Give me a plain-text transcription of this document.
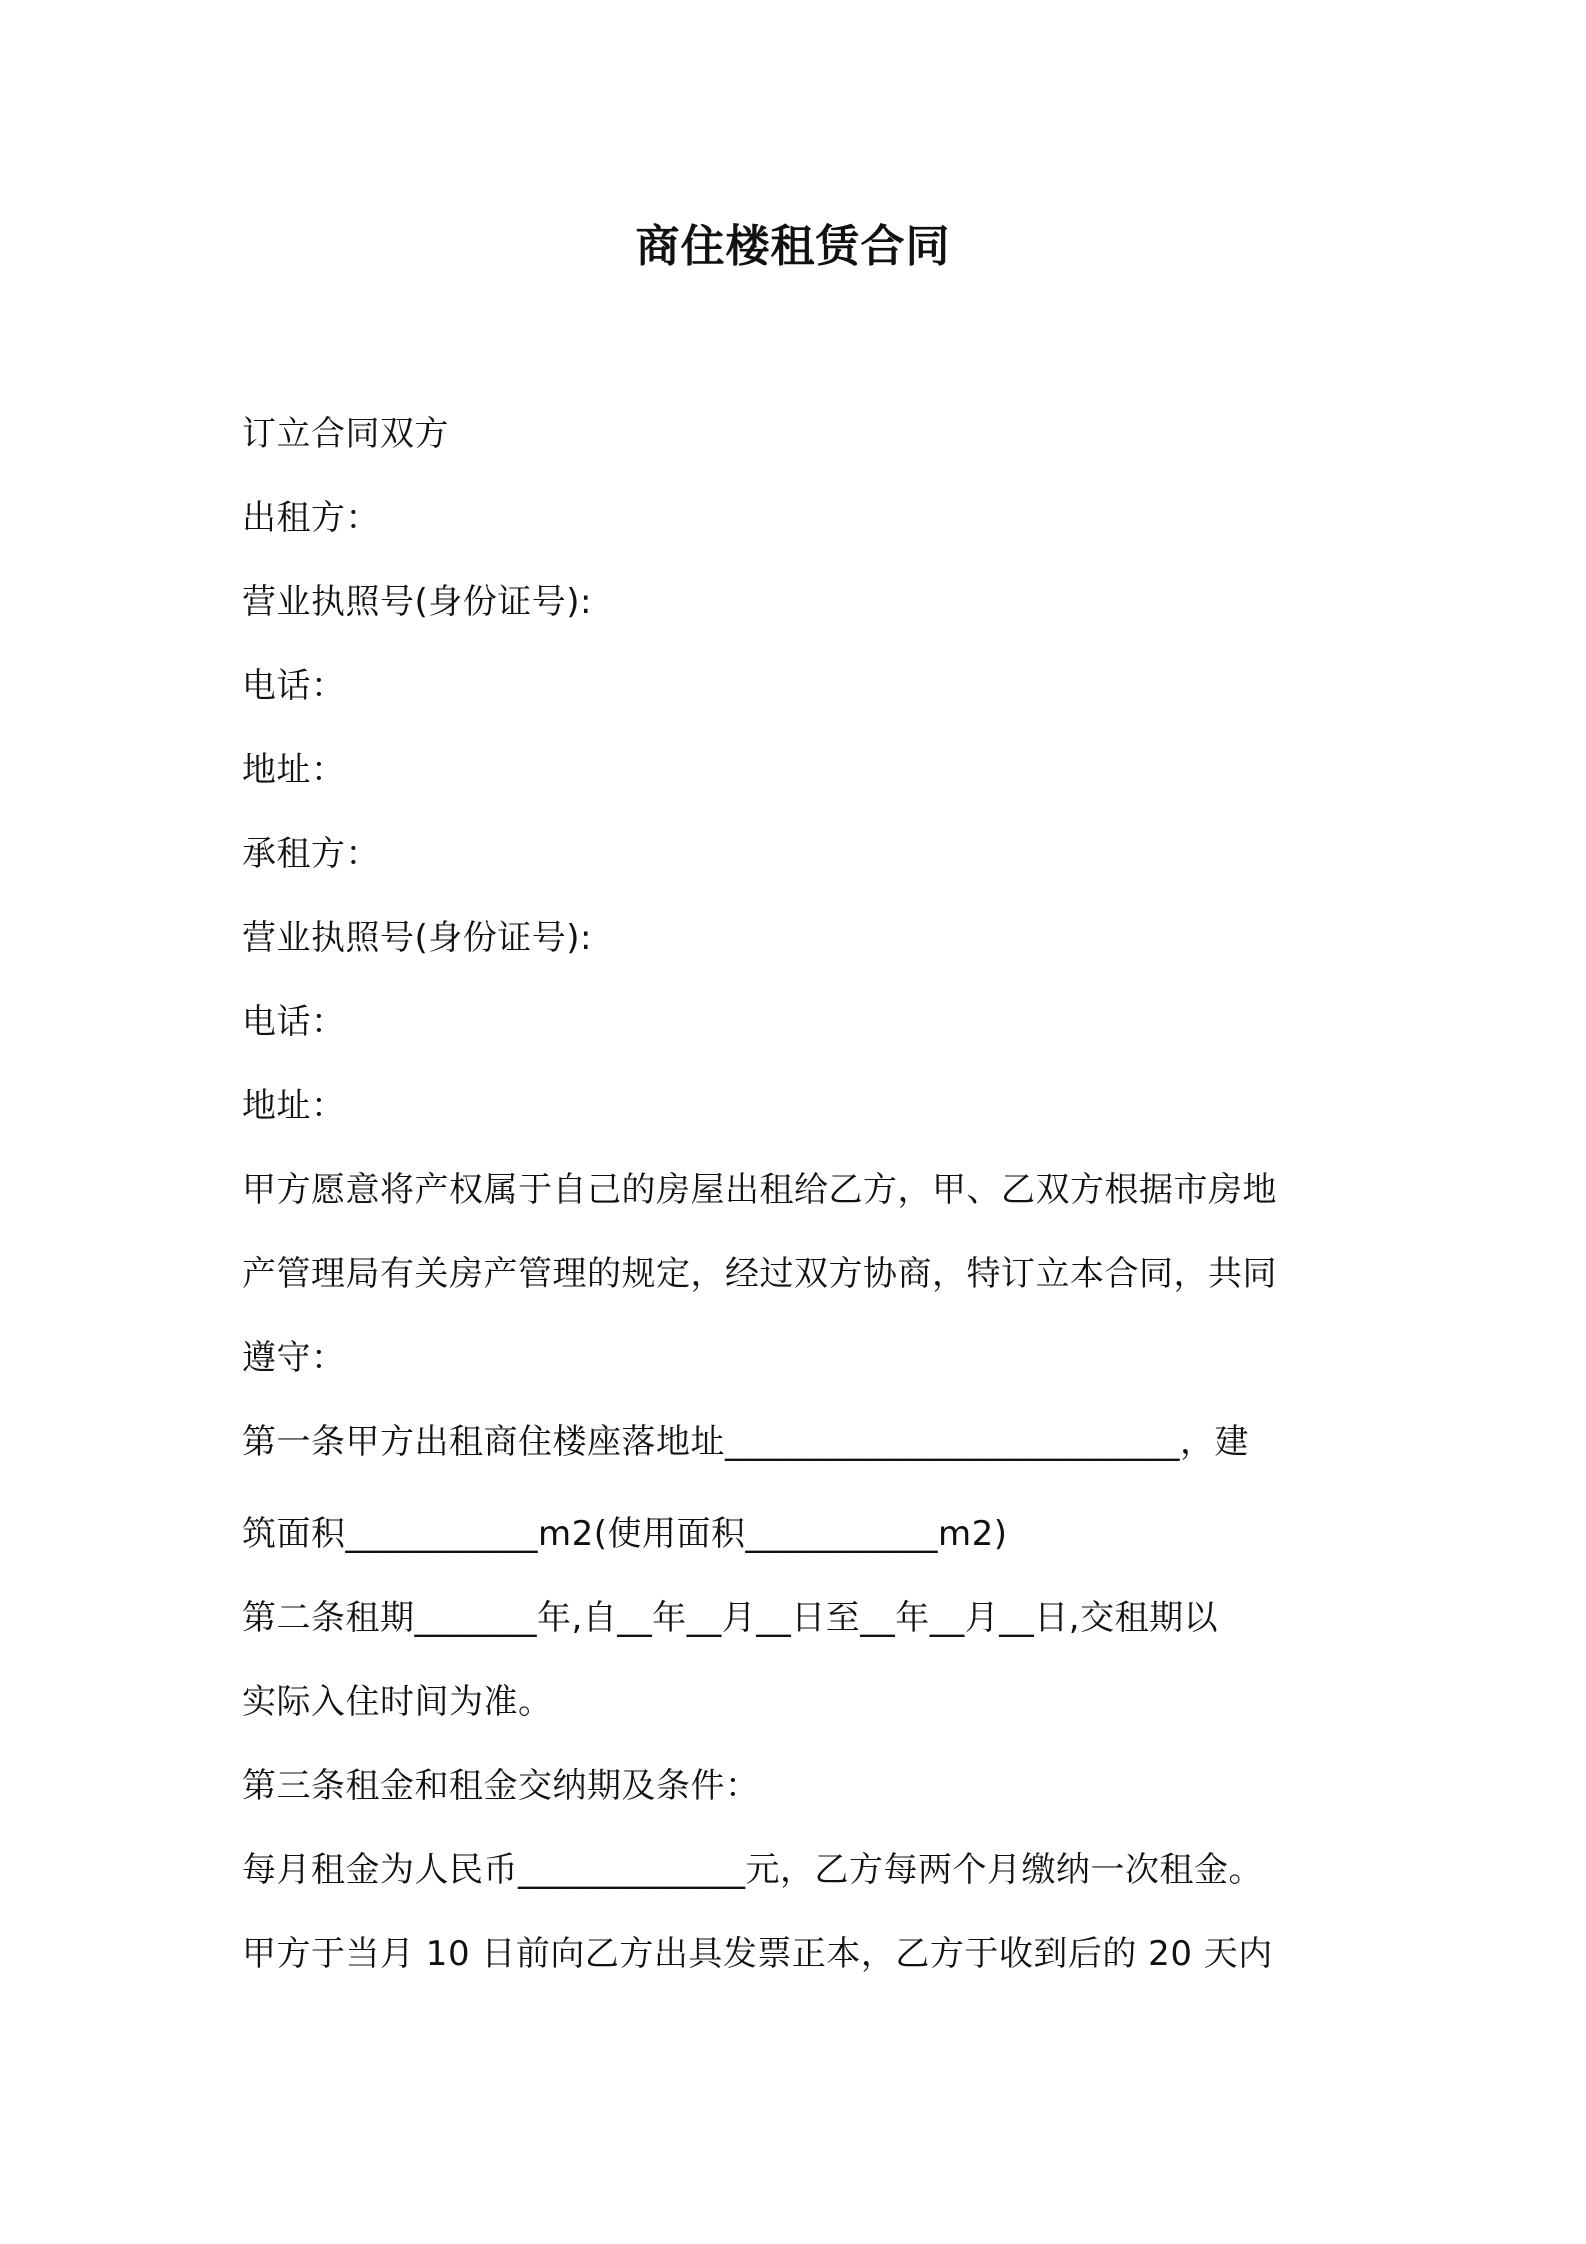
商住楼租赁合同
订立合同双方
出租方：
营业执照号(身份证号):
电话：
地址：
承租方：
营业执照号(身份证号):
电话：
地址：
甲方愿意将产权属于自己的房屋出租给乙方，甲、乙双方根据市房地
产管理局有关房产管理的规定，经过双方协商，特订立本合同，共同
遵守：
第一条甲方出租商住楼座落地址__________________________，建
筑面积___________m2(使用面积___________m2)
第二条租期_______年,自__年__月__日至__年__月__日,交租期以
实际入住时间为准。
第三条租金和租金交纳期及条件：
每月租金为人民币_____________元，乙方每两个月缴纳一次租金。
甲方于当月 10 日前向乙方出具发票正本，乙方于收到后的 20 天内
